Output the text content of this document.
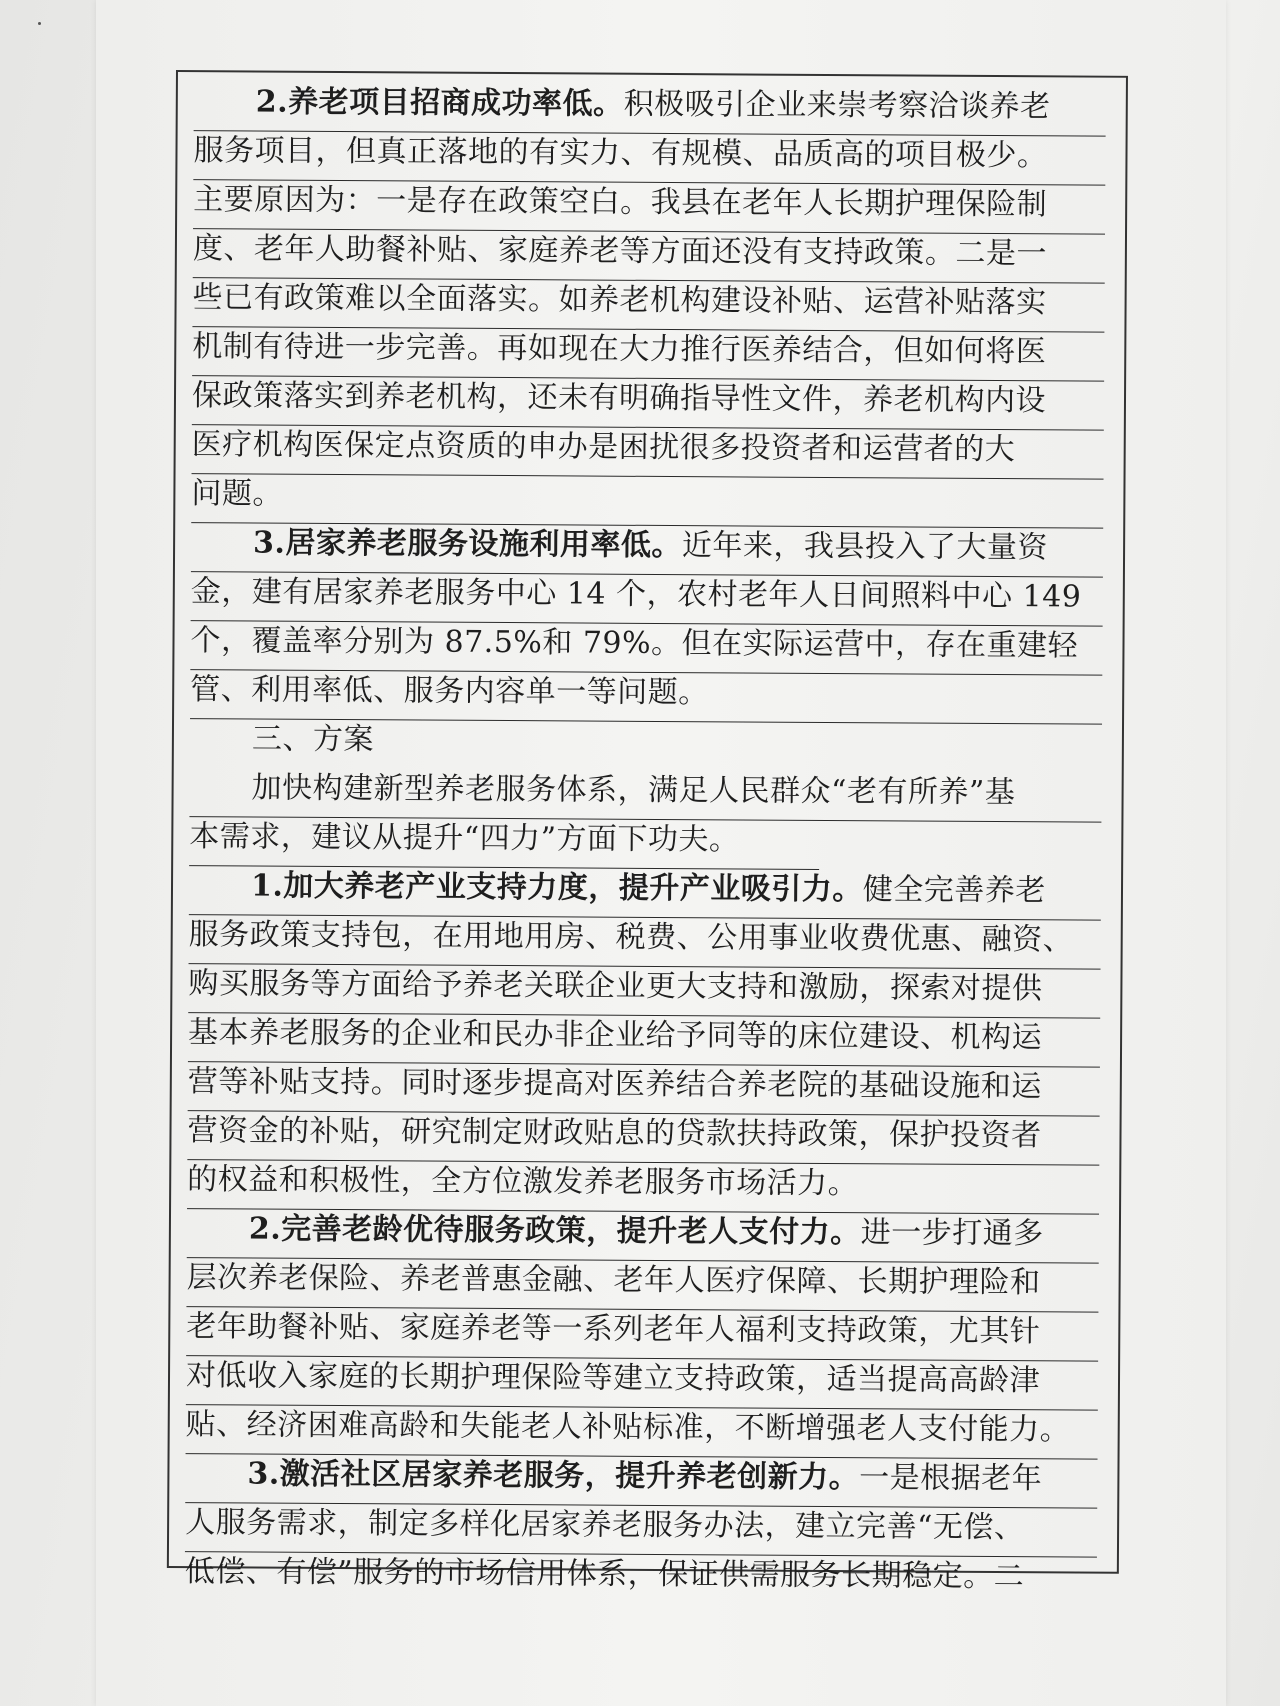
2.养老项目招商成功率低。积极吸引企业来崇考察洽谈养老
服务项目，但真正落地的有实力、有规模、品质高的项目极少。
主要原因为：一是存在政策空白。我县在老年人长期护理保险制
度、老年人助餐补贴、家庭养老等方面还没有支持政策。二是一
些已有政策难以全面落实。如养老机构建设补贴、运营补贴落实
机制有待进一步完善。再如现在大力推行医养结合，但如何将医
保政策落实到养老机构，还未有明确指导性文件，养老机构内设
医疗机构医保定点资质的申办是困扰很多投资者和运营者的大
问题。
3.居家养老服务设施利用率低。近年来，我县投入了大量资
金，建有居家养老服务中心 14 个，农村老年人日间照料中心 149
个，覆盖率分别为 87.5%和 79%。但在实际运营中，存在重建轻
管、利用率低、服务内容单一等问题。
三、方案
加快构建新型养老服务体系，满足人民群众“老有所养”基
本需求，建议从提升“四力”方面下功夫。
1.加大养老产业支持力度，提升产业吸引力。健全完善养老
服务政策支持包，在用地用房、税费、公用事业收费优惠、融资、
购买服务等方面给予养老关联企业更大支持和激励，探索对提供
基本养老服务的企业和民办非企业给予同等的床位建设、机构运
营等补贴支持。同时逐步提高对医养结合养老院的基础设施和运
营资金的补贴，研究制定财政贴息的贷款扶持政策，保护投资者
的权益和积极性，全方位激发养老服务市场活力。
2.完善老龄优待服务政策，提升老人支付力。进一步打通多
层次养老保险、养老普惠金融、老年人医疗保障、长期护理险和
老年助餐补贴、家庭养老等一系列老年人福利支持政策，尤其针
对低收入家庭的长期护理保险等建立支持政策，适当提高高龄津
贴、经济困难高龄和失能老人补贴标准，不断增强老人支付能力。
3.激活社区居家养老服务，提升养老创新力。一是根据老年
人服务需求，制定多样化居家养老服务办法，建立完善“无偿、
低偿、有偿”服务的市场信用体系，保证供需服务长期稳定。二
